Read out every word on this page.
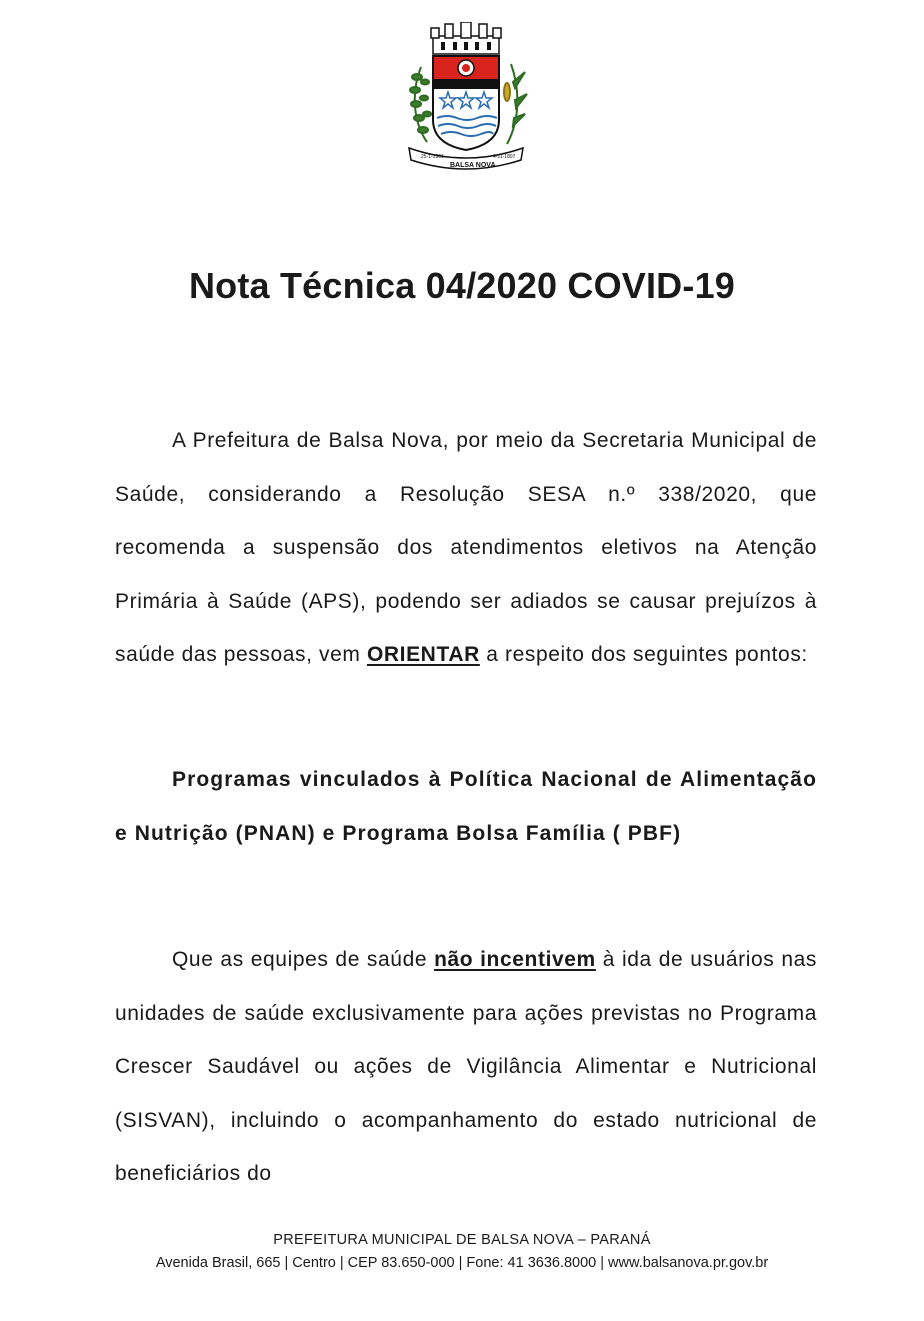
25-1-1961
BALSA NOVA
4-11-1897
Nota Técnica 04/2020 COVID-19

A Prefeitura de Balsa Nova, por meio da Secretaria Municipal de Saúde, considerando a Resolução SESA n.º 338/2020, que recomenda a suspensão dos atendimentos eletivos na Atenção Primária à Saúde (APS), podendo ser adiados se causar prejuízos à saúde das pessoas, vem ORIENTAR a respeito dos seguintes pontos:

Programas vinculados à Política Nacional de Alimentação e Nutrição (PNAN) e Programa Bolsa Família ( PBF)

Que as equipes de saúde não incentivem à ida de usuários nas unidades de saúde exclusivamente para ações previstas no Programa Crescer Saudável ou ações de Vigilância Alimentar e Nutricional (SISVAN), incluindo o acompanhamento do estado nutricional de beneficiários do

PREFEITURA MUNICIPAL DE BALSA NOVA – PARANÁ

Avenida Brasil, 665 | Centro | CEP 83.650-000 | Fone: 41 3636.8000 | www.balsanova.pr.gov.br
